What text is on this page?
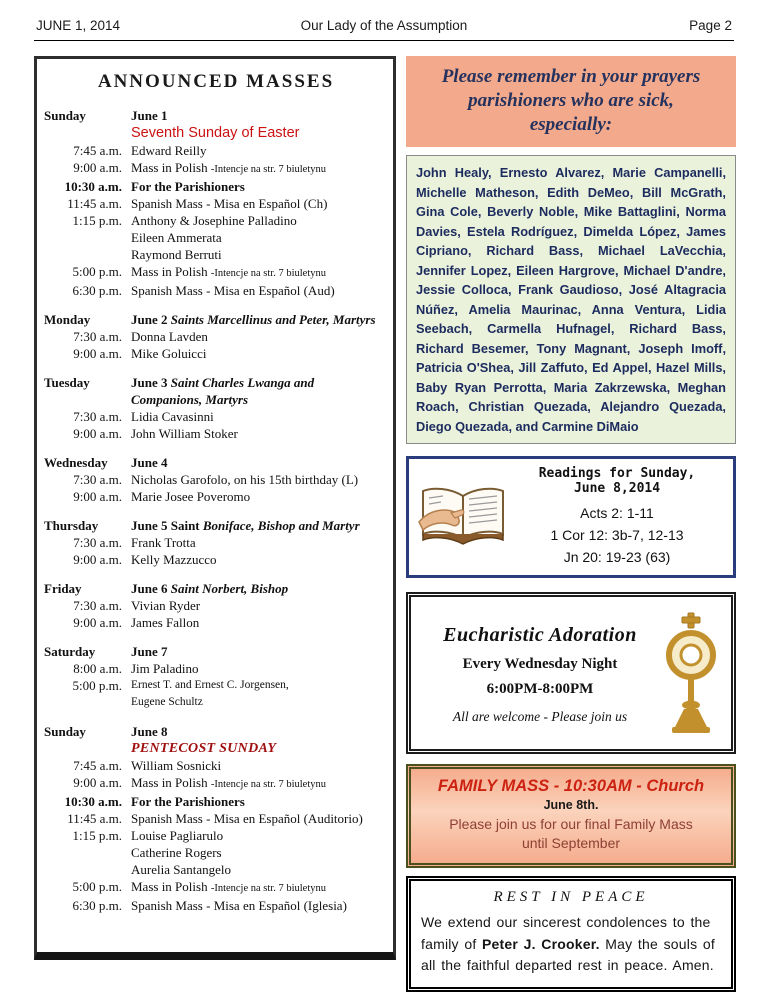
JUNE 1, 2014	Our Lady of the Assumption	Page 2
ANNOUNCED MASSES
Sunday	June 1
Seventh Sunday of Easter
7:45 a.m. Edward Reilly
9:00 a.m. Mass in Polish -Intencje na str. 7 biuletynu
10:30 a.m. For the Parishioners
11:45 a.m. Spanish Mass - Misa en Español (Ch)
1:15 p.m. Anthony & Josephine Palladino
Eileen Ammerata
Raymond Berruti
5:00 p.m. Mass in Polish -Intencje na str. 7 biuletynu
6:30 p.m. Spanish Mass - Misa en Español (Aud)
Monday	June 2 Saints Marcellinus and Peter, Martyrs
7:30 a.m. Donna Lavden
9:00 a.m. Mike Goluicci
Tuesday	June 3 Saint Charles Lwanga and Companions, Martyrs
7:30 a.m. Lidia Cavasinni
9:00 a.m. John William Stoker
Wednesday	June 4
7:30 a.m. Nicholas Garofolo, on his 15th birthday (L)
9:00 a.m. Marie Josee Poveromo
Thursday	June 5 Saint Boniface, Bishop and Martyr
7:30 a.m. Frank Trotta
9:00 a.m. Kelly Mazzucco
Friday	June 6 Saint Norbert, Bishop
7:30 a.m. Vivian Ryder
9:00 a.m. James Fallon
Saturday	June 7
8:00 a.m. Jim Paladino
5:00 p.m. Ernest T. and Ernest C. Jorgensen,
Eugene Schultz
Sunday	June 8
PENTECOST SUNDAY
7:45 a.m. William Sosnicki
9:00 a.m. Mass in Polish -Intencje na str. 7 biuletynu
10:30 a.m. For the Parishioners
11:45 a.m. Spanish Mass - Misa en Español (Auditorio)
1:15 p.m. Louise Pagliarulo
Catherine Rogers
Aurelia Santangelo
5:00 p.m. Mass in Polish -Intencje na str. 7 biuletynu
6:30 p.m. Spanish Mass - Misa en Español (Iglesia)
Please remember in your prayers
parishioners who are sick,
especially:

John Healy, Ernesto Alvarez, Marie Campanelli, Michelle Matheson, Edith DeMeo, Bill McGrath, Gina Cole, Beverly Noble, Mike Battaglini, Norma Davies, Estela Rodríguez, Dimelda López, James Cipriano, Richard Bass, Michael LaVecchia, Jennifer Lopez, Eileen Hargrove, Michael D'andre, Jessie Colloca, Frank Gaudioso, José Altagracia Núñez, Amelia Maurinac, Anna Ventura, Lidia Seebach, Carmella Hufnagel, Richard Bass, Richard Besemer, Tony Magnant, Joseph Imoff, Patricia O'Shea, Jill Zaffuto, Ed Appel, Hazel Mills, Baby Ryan Perrotta, Maria Zakrzewska, Meghan Roach, Christian Quezada, Alejandro Quezada, Diego Quezada, and Carmine DiMaio

Readings for Sunday,
June 8,2014
Acts 2: 1-11
1 Cor 12: 3b-7, 12-13
Jn 20: 19-23 (63)
Eucharistic Adoration
Every Wednesday Night
6:00PM-8:00PM
All are welcome - Please join us
FAMILY MASS - 10:30AM - Church
June 8th.
Please join us for our final Family Mass
until September
REST IN PEACE

We extend our sincerest condolences to the family of Peter J. Crooker. May the souls of all the faithful departed rest in peace. Amen.
